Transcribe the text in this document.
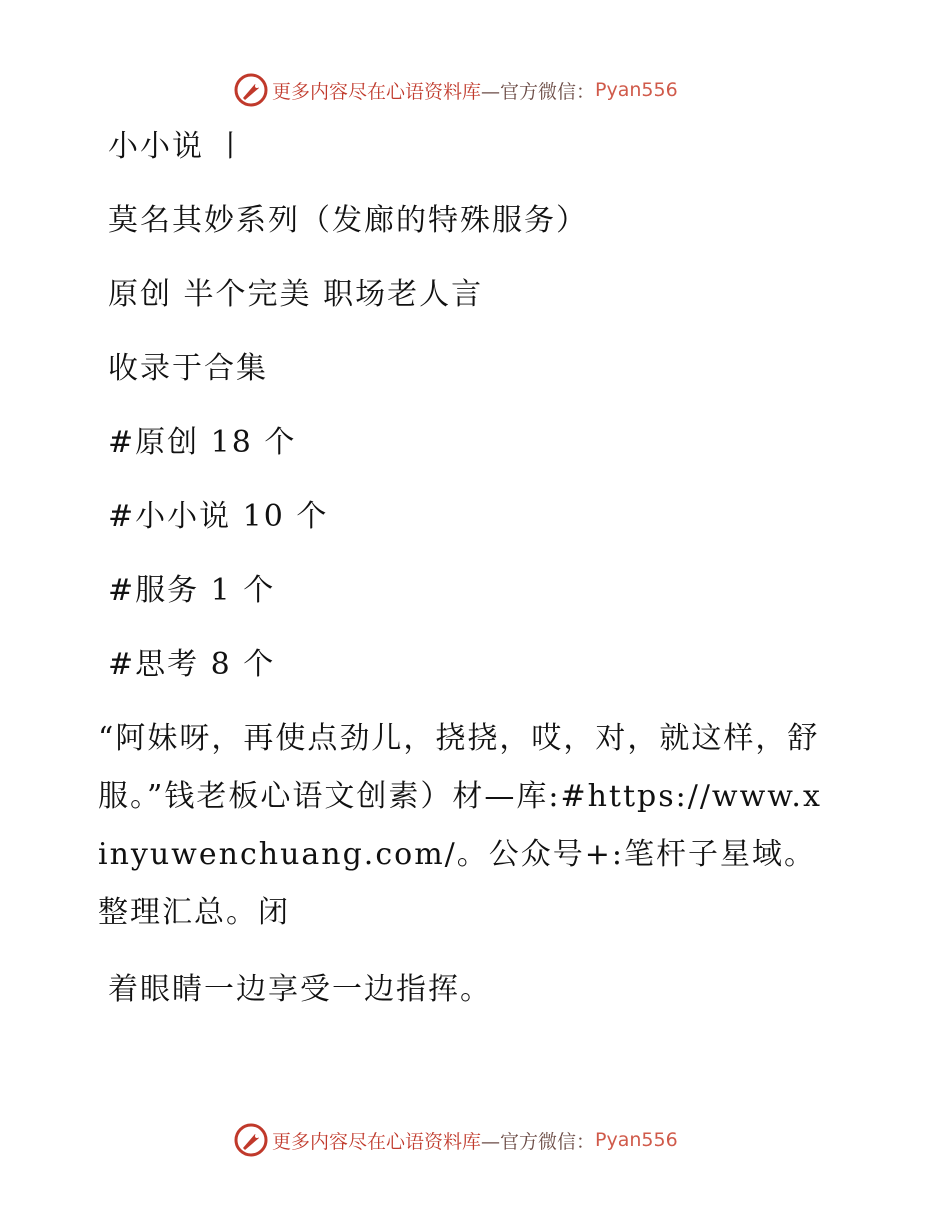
更多内容尽在心语资料库 —官方微信： Pyan556
小小说 丨
莫名其妙系列（发廊的特殊服务）
原创 半个完美 职场老人言
收录于合集
#原创 18 个
#小小说 10 个
#服务 1 个
#思考 8 个
“阿妹呀，再使点劲儿，挠挠，哎，对，就这样，舒服。”钱老板心语文创素）材—库:#https://www.xinyuwenchuang.com/。公众号+:笔杆子星域。整理汇总。闭
着眼睛一边享受一边指挥。
更多内容尽在心语资料库 —官方微信： Pyan556
